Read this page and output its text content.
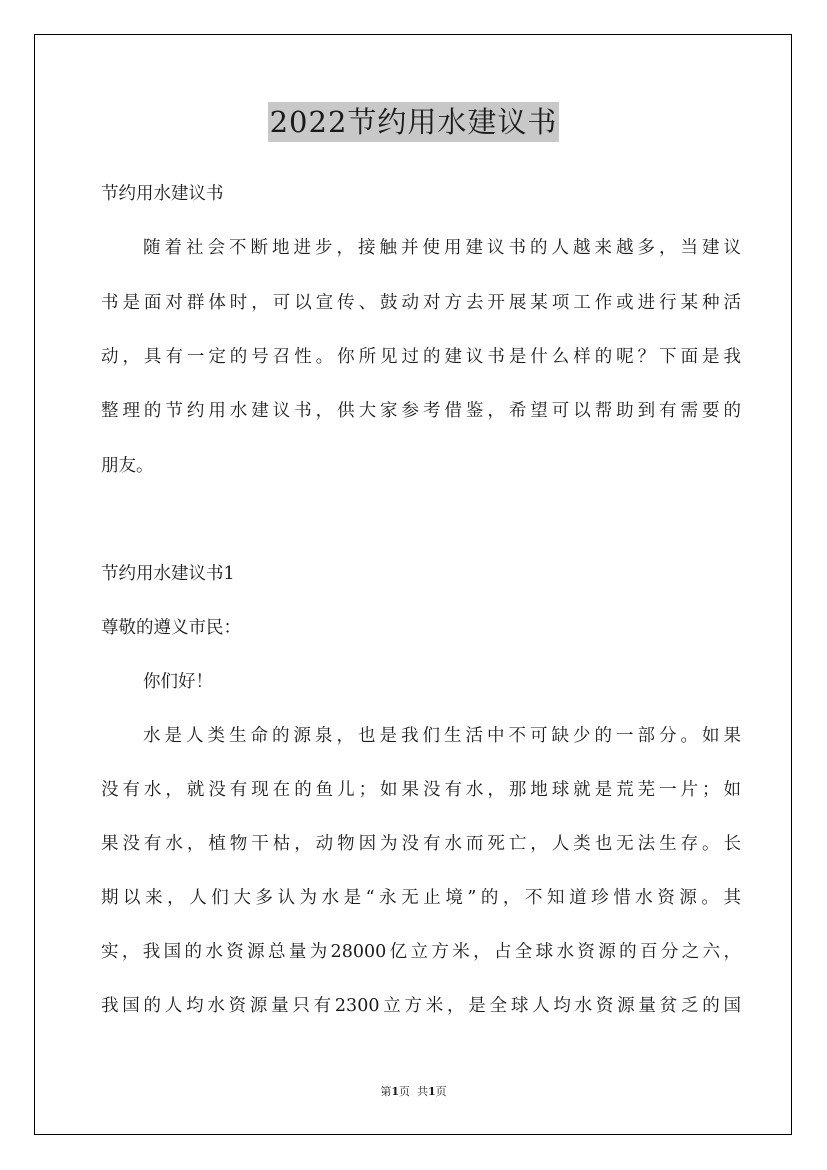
2022节约用水建议书
节约用水建议书
随着社会不断地进步，接触并使用建议书的人越来越多，当建议
书是面对群体时，可以宣传、鼓动对方去开展某项工作或进行某种活
动，具有一定的号召性。你所见过的建议书是什么样的呢？下面是我
整理的节约用水建议书，供大家参考借鉴，希望可以帮助到有需要的
朋友。
节约用水建议书1
尊敬的遵义市民：
你们好！
水是人类生命的源泉，也是我们生活中不可缺少的一部分。如果
没有水，就没有现在的鱼儿；如果没有水，那地球就是荒芜一片；如
果没有水，植物干枯，动物因为没有水而死亡，人类也无法生存。长
期以来，人们大多认为水是“永无止境”的，不知道珍惜水资源。其
实，我国的水资源总量为28000亿立方米，占全球水资源的百分之六，
我国的人均水资源量只有2300立方米，是全球人均水资源量贫乏的国
第1页 共1页
